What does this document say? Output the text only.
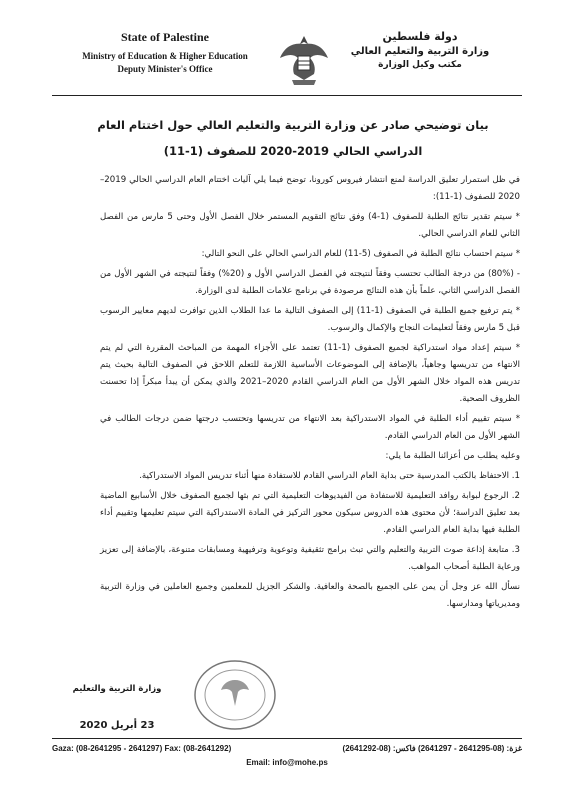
State of Palestine
Ministry of Education & Higher Education
Deputy Minister's Office
دولة فلسطين
وزارة التربية والتعليم العالي
مكتب وكيل الوزارة
بيان توضيحي صادر عن وزارة التربية والتعليم العالي حول اختتام العام
الدراسي الحالي 2019-2020 للصفوف (1-11)

في ظل استمرار تعليق الدراسة لمنع انتشار فيروس كورونا، توضح فيما يلي آليات اختتام العام الدراسي الحالي 2019–2020 للصفوف (1-11):

* سيتم تقدير نتائج الطلبة للصفوف (1-4) وفق نتائج التقويم المستمر خلال الفصل الأول وحتى 5 مارس من الفصل الثاني للعام الدراسي الحالي.

* سيتم احتساب نتائج الطلبة في الصفوف (5-11) للعام الدراسي الحالي على النحو التالي:

- (80%) من درجة الطالب تحتسب وفقاً لنتيجته في الفصل الدراسي الأول و (20%) وفقاً لنتيجته في الشهر الأول من الفصل الدراسي الثاني، علماً بأن هذه النتائج مرصودة في برنامج علامات الطلبة لدى الوزارة.

* يتم ترفيع جميع الطلبة في الصفوف (1-11) إلى الصفوف التالية ما عدا الطلاب الذين توافرت لديهم معايير الرسوب قبل 5 مارس وفقاً لتعليمات النجاح والإكمال والرسوب.

* سيتم إعداد مواد استدراكية لجميع الصفوف (1-11) تعتمد على الأجزاء المهمة من المباحث المقررة التي لم يتم الانتهاء من تدريسها وجاهياً، بالإضافة إلى الموضوعات الأساسية اللازمة للتعلم اللاحق في الصفوف التالية بحيث يتم تدريس هذه المواد خلال الشهر الأول من العام الدراسي القادم 2020–2021 والذي يمكن أن يبدأ مبكراً إذا تحسنت الظروف الصحية.

* سيتم تقييم أداء الطلبة في المواد الاستدراكية بعد الانتهاء من تدريسها وتحتسب درجتها ضمن درجات الطالب في الشهر الأول من العام الدراسي القادم.

وعليه يطلب من أعزائنا الطلبة ما يلي:

1. الاحتفاظ بالكتب المدرسية حتى بداية العام الدراسي القادم للاستفادة منها أثناء تدريس المواد الاستدراكية.

2. الرجوع لبوابة روافد التعليمية للاستفادة من الفيديوهات التعليمية التي تم بثها لجميع الصفوف خلال الأسابيع الماضية بعد تعليق الدراسة؛ لأن محتوى هذه الدروس سيكون محور التركيز في المادة الاستدراكية التي سيتم تعليمها وتقييم أداء الطلبة فيها بداية العام الدراسي القادم.

3. متابعة إذاعة صوت التربية والتعليم والتي تبث برامج تثقيفية وتوعوية وترفيهية ومسابقات متنوعة، بالإضافة إلى تعزيز ورعاية الطلبة أصحاب المواهب.

نسأل الله عز وجل أن يمن على الجميع بالصحة والعافية. والشكر الجزيل للمعلمين وجميع العاملين في وزارة التربية ومديرياتها ومدارسها.

وزارة التربية والتعليم
23 أبريل 2020
Gaza: (08-2641295 - 2641297) Fax: (08-2641292)	غزة: (08-2641295 - 2641297) فاكس: (08-2641292)
Email: info@mohe.ps
